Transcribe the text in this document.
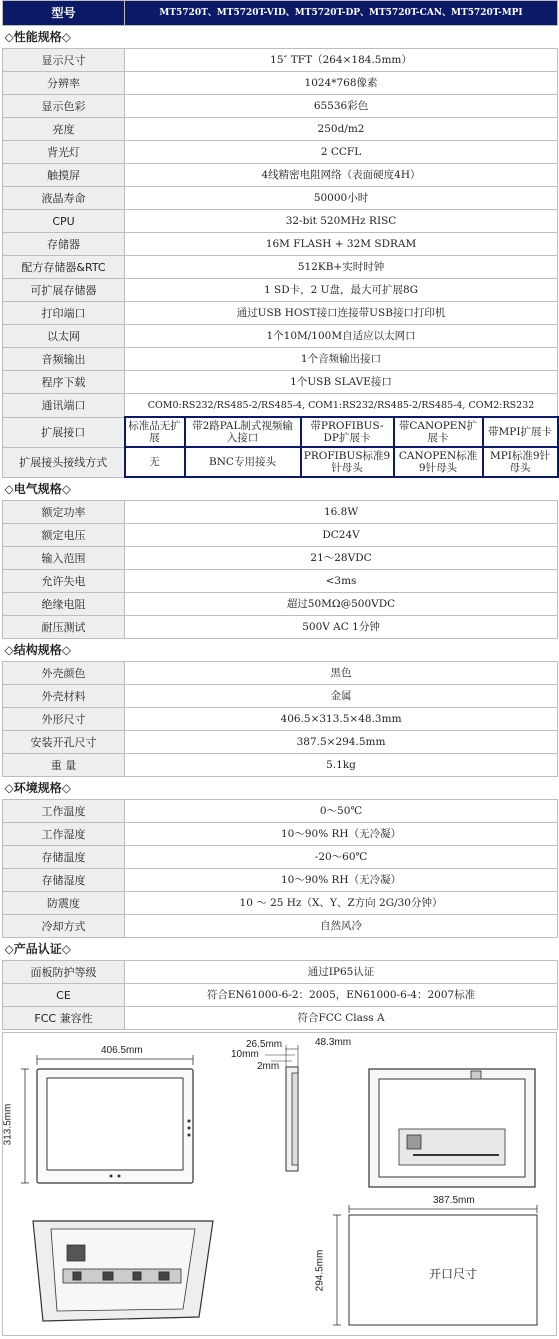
型号	MT5720T、MT5720T-VID、MT5720T-DP、MT5720T-CAN、MT5720T-MPI				
◇性能规格◇					
显示尺寸	15″ TFT（264×184.5mm）				
分辨率	1024*768像素				
显示色彩	65536彩色				
亮度	250d/m2				
背光灯	2 CCFL				
触摸屏	4线精密电阻网络（表面硬度4H）				
液晶寿命	50000小时				
CPU	32-bit 520MHz RISC				
存储器	16M FLASH + 32M SDRAM				
配方存储器&RTC	512KB+实时时钟				
可扩展存储器	1 SD卡，2 U盘，最大可扩展8G				
打印端口	通过USB HOST接口连接带USB接口打印机				
以太网	1个10M/100M自适应以太网口				
音频输出	1个音频输出接口				
程序下载	1个USB SLAVE接口				
通讯端口	COM0:RS232/RS485-2/RS485-4, COM1:RS232/RS485-2/RS485-4, COM2:RS232				
扩展接口	标准品无扩展	带2路PAL制式视频输入接口	带PROFIBUS-DP扩展卡	带CANOPEN扩展卡	带MPI扩展卡
扩展接头接线方式	无	BNC专用接头	PROFIBUS标准9针母头	CANOPEN标准9针母头	MPI标准9针母头
◇电气规格◇					
额定功率	16.8W				
额定电压	DC24V				
输入范围	21～28VDC				
允许失电	<3ms				
绝缘电阻	超过50MΩ@500VDC				
耐压测试	500V AC 1分钟				
◇结构规格◇					
外壳颜色	黑色				
外壳材料	金属				
外形尺寸	406.5×313.5×48.3mm				
安装开孔尺寸	387.5×294.5mm				
重 量	5.1kg				
◇环境规格◇					
工作温度	0～50℃				
工作湿度	10～90% RH（无冷凝）				
存储温度	-20～60℃				
存储湿度	10～90% RH（无冷凝）				
防震度	10 ～ 25 Hz（X、Y、Z方向 2G/30分钟）				
冷却方式	自然风冷				
◇产品认证◇					
面板防护等级	通过IP65认证				
CE	符合EN61000-6-2：2005，EN61000-6-4：2007标准				
FCC 兼容性	符合FCC Class A				
406.5mm
313.5mm
26.5mm	48.3mm
10mm
2mm
387.5mm
294.5mm	开口尺寸
